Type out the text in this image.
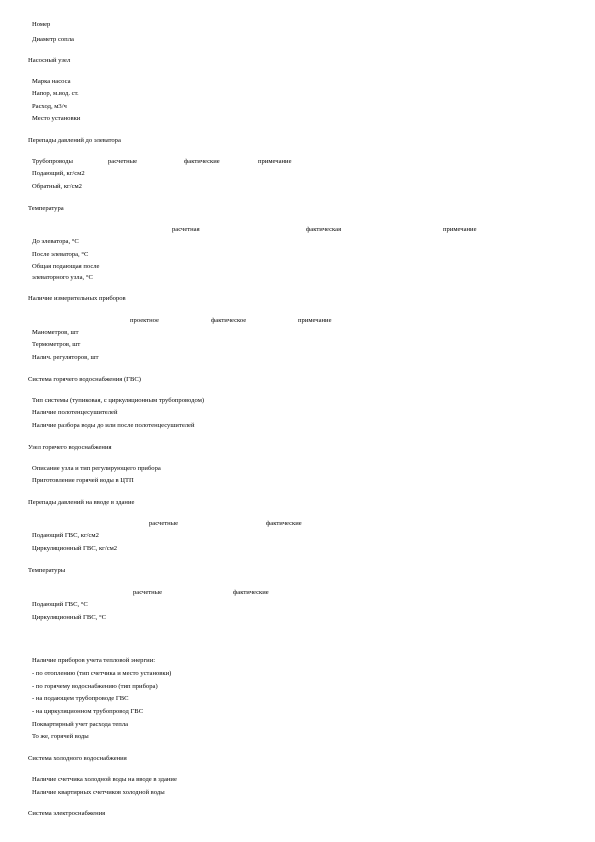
Номер
Диаметр сопла
Насосный узел
Марка насоса
Напор, м.вод. ст.
Расход, м3/ч
Место установки
Перепады давлений до элеватора
Трубопроводы	расчетные	фактические	примечание
Подающий, кг/см2
Обратный, кг/см2
Температура
расчетная	фактическая	примечание
До элеватора, °С
После элеватора, °С
Общая подающая после
элеваторного узла, °С
Наличие измерительных приборов
проектное	фактическое	примечание
Манометров, шт
Термометров, шт
Налич. регуляторов, шт
Система горячего водоснабжения (ГВС)
Тип системы (тупиковая, с циркуляционным трубопроводом)
Наличие полотенцесушителей
Наличие разбора воды до или после полотенцесушителей
Узел горячего водоснабжения
Описание узла и тип регулирующего прибора
Приготовление горячей воды в ЦТП
Перепады давлений на вводе в здание
расчетные	фактические
Подающий ГВС, кг/см2
Циркуляционный ГВС, кг/см2
Температуры
расчетные	фактические
Подающий ГВС, °С
Циркуляционный ГВС, °С
Наличие приборов учета тепловой энергии:
- по отоплению (тип счетчика и место установки)
- по горячему водоснабжению (тип прибора)
- на подающем трубопроводе ГВС
- на циркуляционном трубопровод ГВС
Поквартирный учет расхода тепла
То же, горячей воды
Система холодного водоснабжения
Наличие счетчика холодной воды на вводе в здание
Наличие квартирных счетчиков холодной воды
Система электроснабжения
